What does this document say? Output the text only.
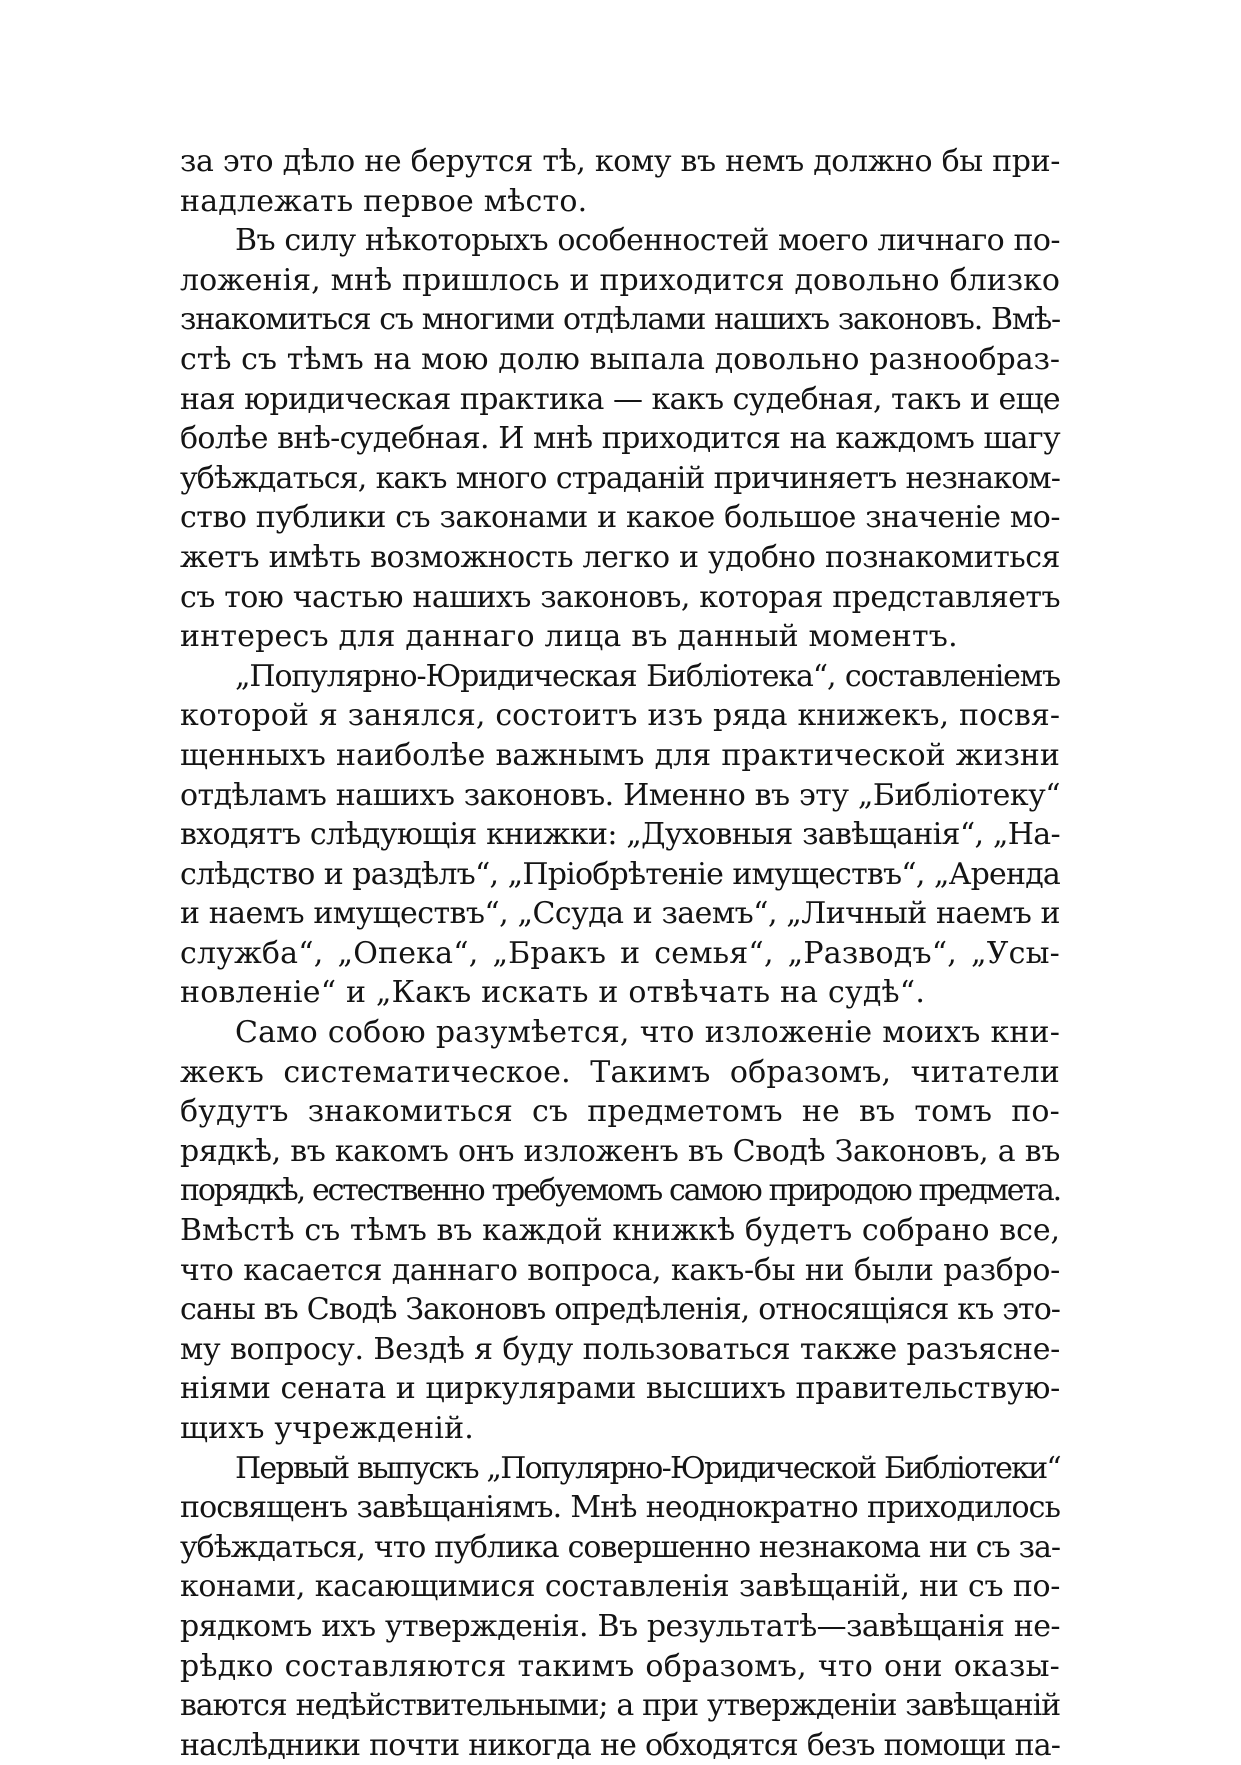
за это дѣло не берутся тѣ, кому въ немъ должно бы при-
надлежать первое мѣсто.
Въ силу нѣкоторыхъ особенностей моего личнаго по-
ложенія, мнѣ пришлось и приходится довольно близко
знакомиться съ многими отдѣлами нашихъ законовъ. Вмѣ-
стѣ съ тѣмъ на мою долю выпала довольно разнообраз-
ная юридическая практика — какъ судебная, такъ и еще
болѣе внѣ-судебная. И мнѣ приходится на каждомъ шагу
убѣждаться, какъ много страданій причиняетъ незнаком-
ство публики съ законами и какое большое значеніе мо-
жетъ имѣть возможность легко и удобно познакомиться
съ тою частью нашихъ законовъ, которая представляетъ
интересъ для даннаго лица въ данный моментъ.
„Популярно-Юридическая Библіотека“, составленіемъ
которой я занялся, состоитъ изъ ряда книжекъ, посвя-
щенныхъ наиболѣе важнымъ для практической жизни
отдѣламъ нашихъ законовъ. Именно въ эту „Библіотеку“
входятъ слѣдующія книжки: „Духовныя завѣщанія“, „На-
слѣдство и раздѣлъ“, „Пріобрѣтеніе имуществъ“, „Аренда
и наемъ имуществъ“, „Ссуда и заемъ“, „Личный наемъ и
служба“, „Опека“, „Бракъ и семья“, „Разводъ“, „Усы-
новленіе“ и „Какъ искать и отвѣчать на судѣ“.
Само собою разумѣется, что изложеніе моихъ кни-
жекъ систематическое. Такимъ образомъ, читатели
будутъ знакомиться съ предметомъ не въ томъ по-
рядкѣ, въ какомъ онъ изложенъ въ Сводѣ Законовъ, а въ
порядкѣ, естественно требуемомъ самою природою предмета.
Вмѣстѣ съ тѣмъ въ каждой книжкѣ будетъ собрано все,
что касается даннаго вопроса, какъ-бы ни были разбро-
саны въ Сводѣ Законовъ опредѣленія, относящіяся къ это-
му вопросу. Вездѣ я буду пользоваться также разъясне-
ніями сената и циркулярами высшихъ правительствую-
щихъ учрежденій.
Первый выпускъ „Популярно-Юридической Библіотеки“
посвященъ завѣщаніямъ. Мнѣ неоднократно приходилось
убѣждаться, что публика совершенно незнакома ни съ за-
конами, касающимися составленія завѣщаній, ни съ по-
рядкомъ ихъ утвержденія. Въ результатѣ—завѣщанія не-
рѣдко составляются такимъ образомъ, что они оказы-
ваются недѣйствительными; а при утвержденіи завѣщаній
наслѣдники почти никогда не обходятся безъ помощи па-
